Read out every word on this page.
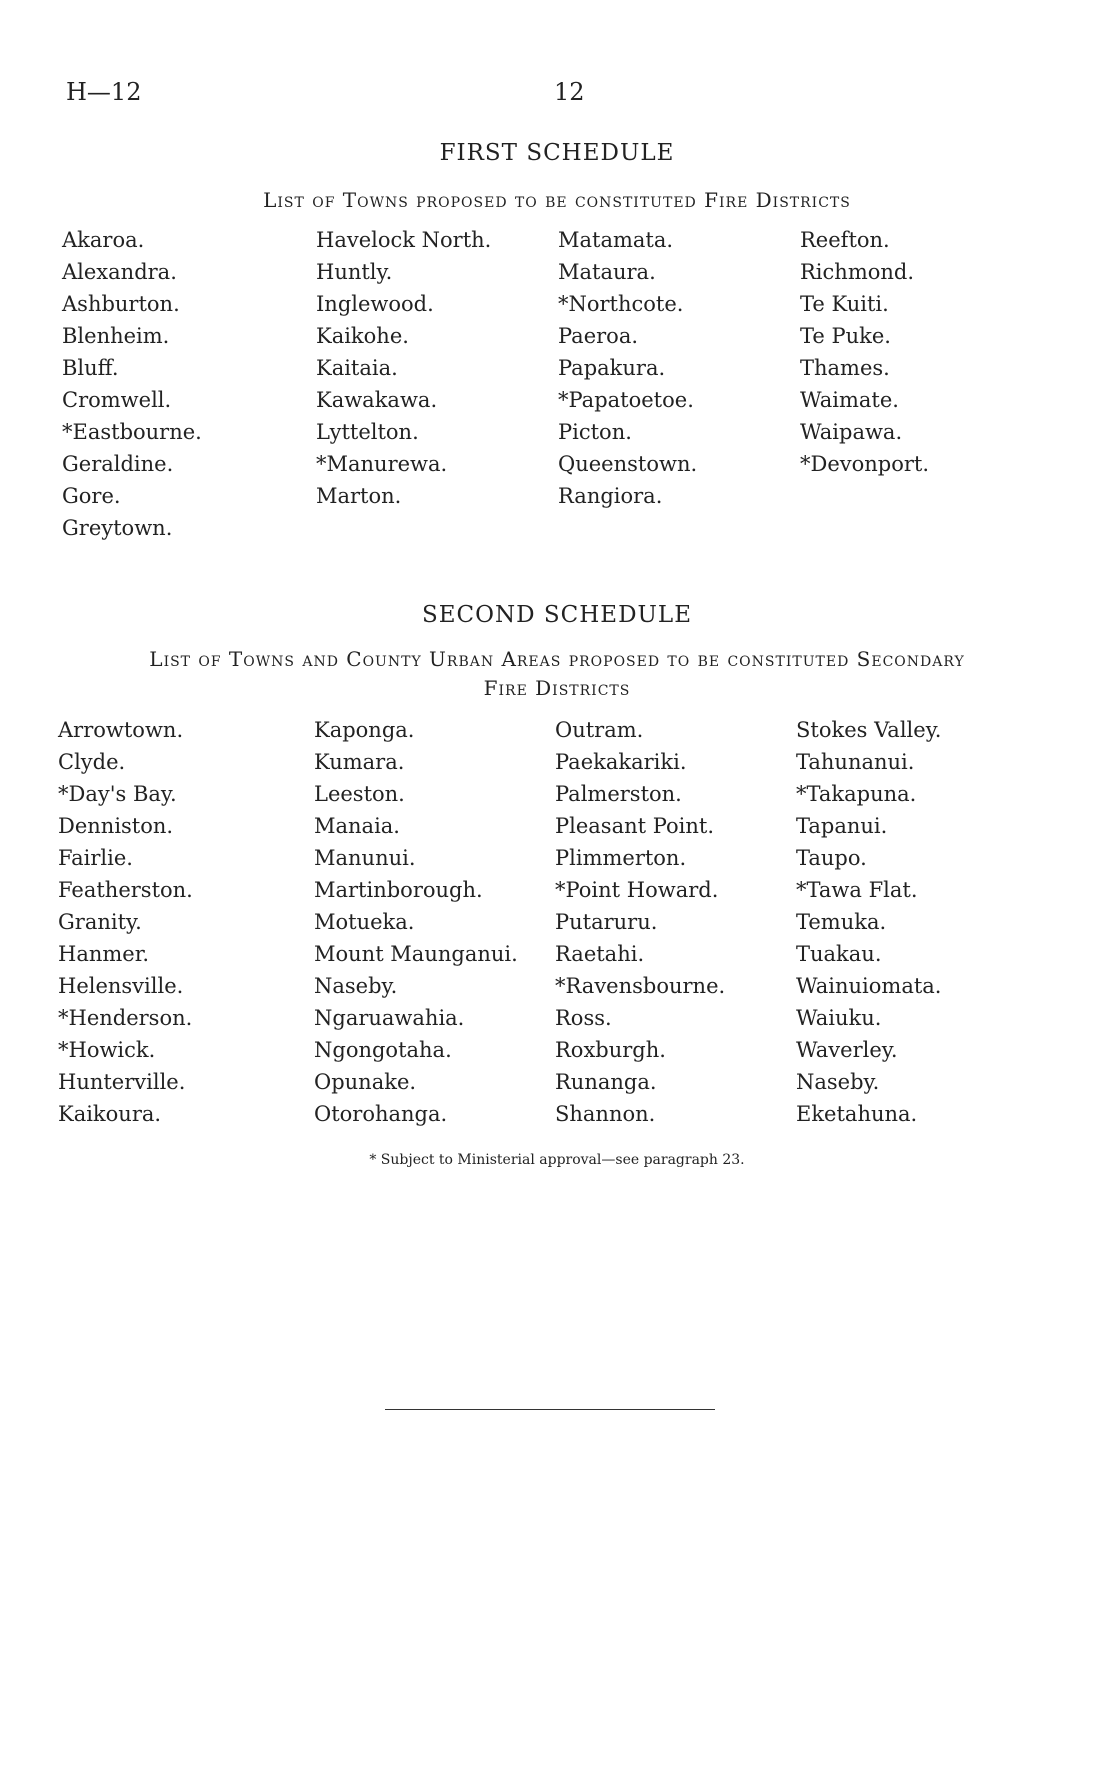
H—12	12
FIRST SCHEDULE
List of Towns proposed to be constituted Fire Districts
Akaroa.
Alexandra.
Ashburton.
Blenheim.
Bluff.
Cromwell.
*Eastbourne.
Geraldine.
Gore.
Greytown.
Havelock North.
Huntly.
Inglewood.
Kaikohe.
Kaitaia.
Kawakawa.
Lyttelton.
*Manurewa.
Marton.
Matamata.
Mataura.
*Northcote.
Paeroa.
Papakura.
*Papatoetoe.
Picton.
Queenstown.
Rangiora.
Reefton.
Richmond.
Te Kuiti.
Te Puke.
Thames.
Waimate.
Waipawa.
*Devonport.
SECOND SCHEDULE
List of Towns and County Urban Areas proposed to be constituted Secondary
Fire Districts
Arrowtown.
Clyde.
*Day's Bay.
Denniston.
Fairlie.
Featherston.
Granity.
Hanmer.
Helensville.
*Henderson.
*Howick.
Hunterville.
Kaikoura.
Kaponga.
Kumara.
Leeston.
Manaia.
Manunui.
Martinborough.
Motueka.
Mount Maunganui.
Naseby.
Ngaruawahia.
Ngongotaha.
Opunake.
Otorohanga.
Outram.
Paekakariki.
Palmerston.
Pleasant Point.
Plimmerton.
*Point Howard.
Putaruru.
Raetahi.
*Ravensbourne.
Ross.
Roxburgh.
Runanga.
Shannon.
Stokes Valley.
Tahunanui.
*Takapuna.
Tapanui.
Taupo.
*Tawa Flat.
Temuka.
Tuakau.
Wainuiomata.
Waiuku.
Waverley.
Naseby.
Eketahuna.
* Subject to Ministerial approval—see paragraph 23.
